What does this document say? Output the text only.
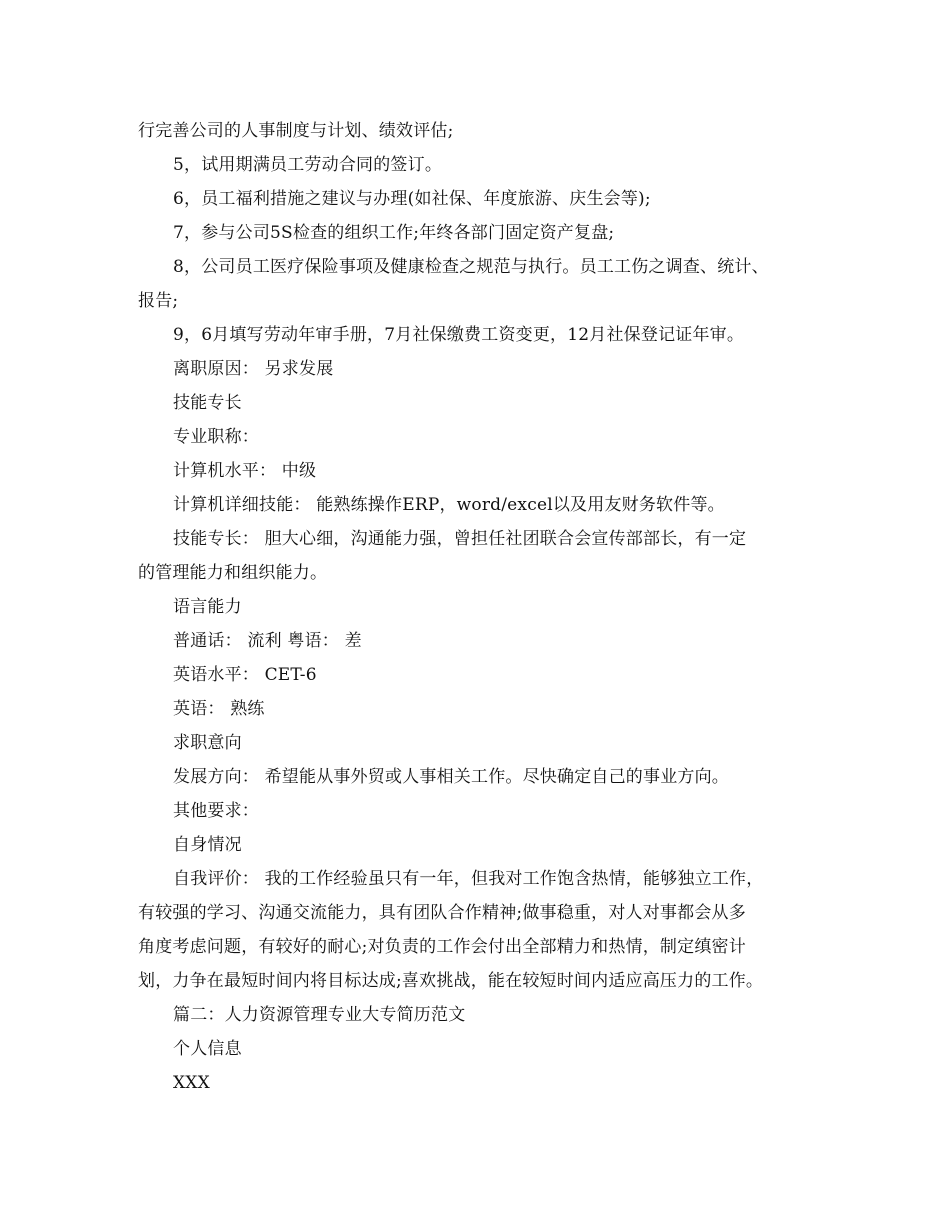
行完善公司的人事制度与计划、绩效评估;
5，试用期满员工劳动合同的签订。
6，员工福利措施之建议与办理(如社保、年度旅游、庆生会等);
7，参与公司5S检查的组织工作;年终各部门固定资产复盘;
8，公司员工医疗保险事项及健康检查之规范与执行。员工工伤之调查、统计、
报告;
9，6月填写劳动年审手册，7月社保缴费工资变更，12月社保登记证年审。
离职原因： 另求发展
技能专长
专业职称：
计算机水平： 中级
计算机详细技能： 能熟练操作ERP，word/excel以及用友财务软件等。
技能专长： 胆大心细，沟通能力强，曾担任社团联合会宣传部部长，有一定
的管理能力和组织能力。
语言能力
普通话： 流利 粤语： 差
英语水平： CET-6
英语： 熟练
求职意向
发展方向： 希望能从事外贸或人事相关工作。尽快确定自己的事业方向。
其他要求：
自身情况
自我评价： 我的工作经验虽只有一年，但我对工作饱含热情，能够独立工作，
有较强的学习、沟通交流能力，具有团队合作精神;做事稳重，对人对事都会从多
角度考虑问题，有较好的耐心;对负责的工作会付出全部精力和热情，制定缜密计
划，力争在最短时间内将目标达成;喜欢挑战，能在较短时间内适应高压力的工作。
篇二：人力资源管理专业大专简历范文
个人信息
XXX
